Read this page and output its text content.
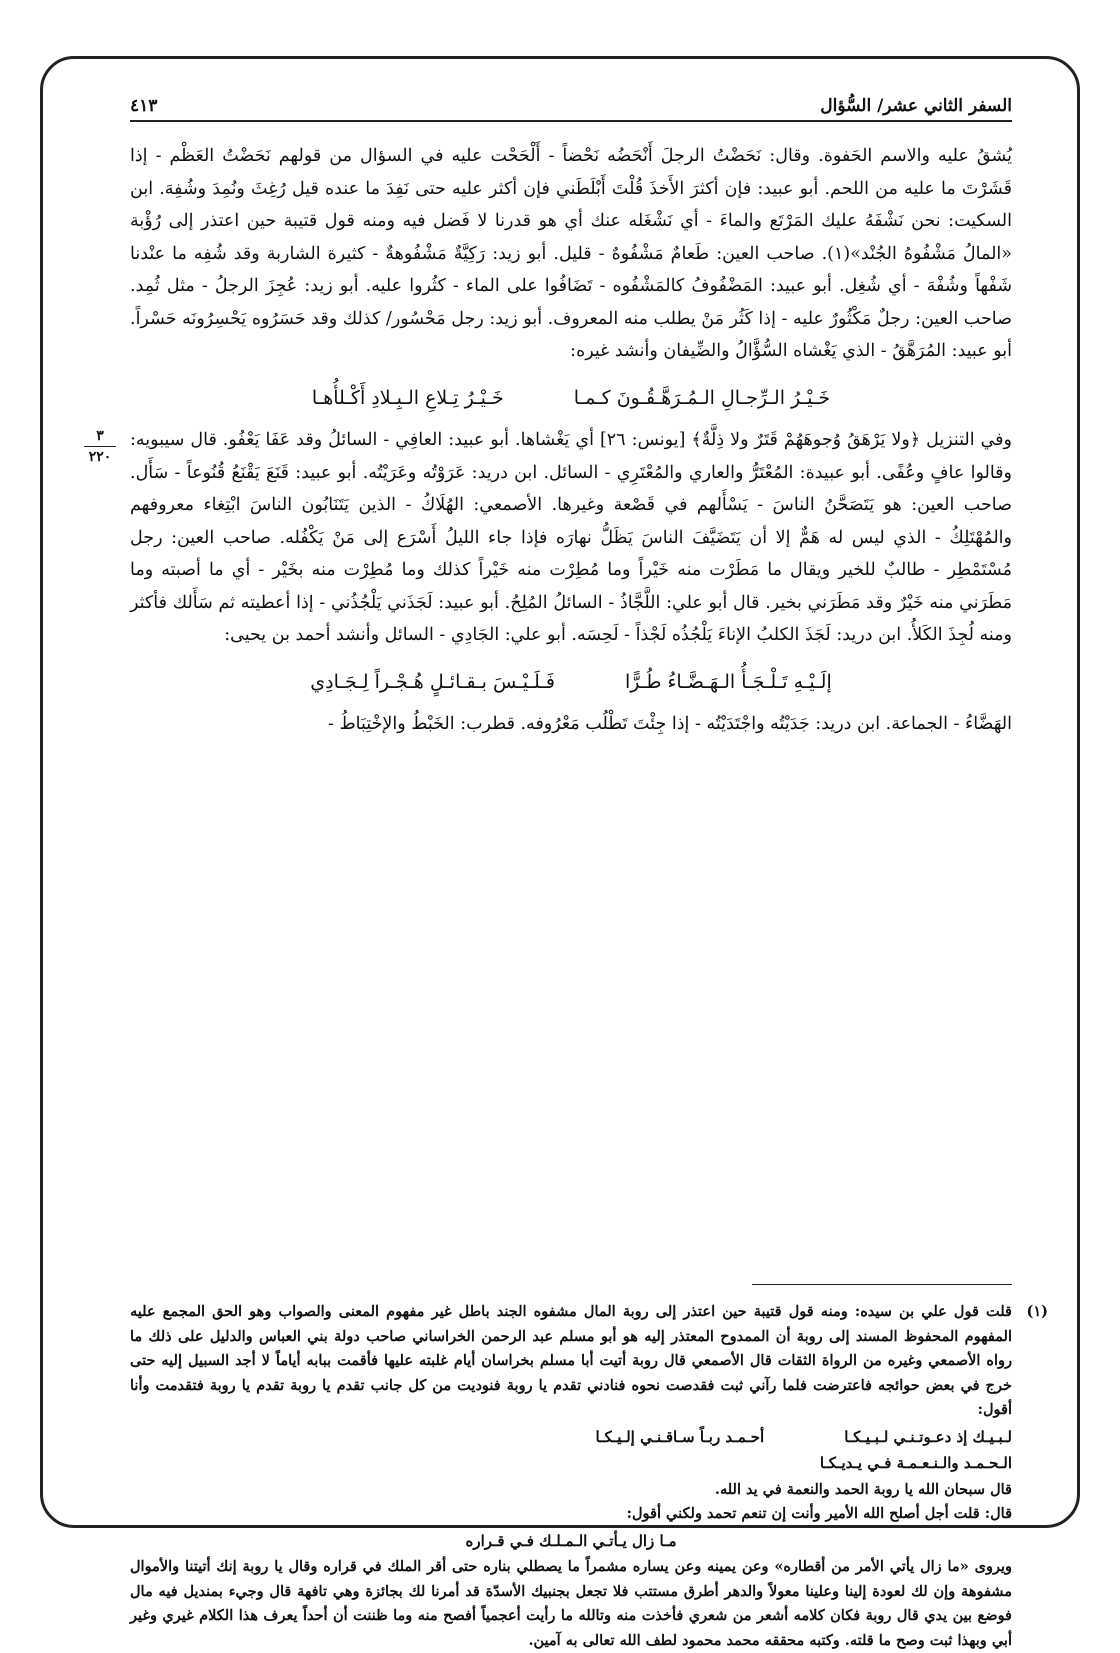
٤١٣	السفر الثاني عشر/ السُّؤال
٣
٢٢٠

يُشقُ عليه والاسم الحَفوة. وقال: نَحَضْتُ الرجلَ أَنْحَضُه نَحْضاً - أَلْحَحْت عليه في السؤال من قولهم نَحَضْتُ العَظْم - إذا قَشَرْتَ ما عليه من اللحم. أبو عبيد: فإن أكثرَ الأَخذَ قُلْتَ أَبْلَطَني فإن أكثر عليه حتى نَفِدَ ما عنده قيل رُغِثَ ونُمِدَ وشُفِهَ. ابن السكيت: نحن نَشْفَهُ عليك المَرْتَع والماءَ - أي نَشْغَله عنك أي هو قدرنا لا فَضل فيه ومنه قول قتيبة حين اعتذر إلى رُؤْبة «المالُ مَشْفُوهُ الجُنْد»(١). صاحب العين: طَعامٌ مَشْفُوهٌ - قليل. أبو زيد: رَكِيَّةٌ مَشْفُوهةٌ - كثيرة الشاربة وقد شُفِه ما عنْدنا شَفْهاً وشُفْهَ - أي شُغِل. أبو عبيد: المَضْفُوفُ كالمَشْفُوه - تَضَافُوا على الماء - كثُروا عليه. أبو زيد: عُجِزَ الرجلُ - مثل ثُمِد. صاحب العين: رجلٌ مَكْثُورٌ عليه - إذا كَثُر مَنْ يطلب منه المعروف. أبو زيد: رجل مَحْسُور/ كذلك وقد حَسَرُوه يَحْسِرُونَه حَسْراً. أبو عبيد: المُرَهَّقُ - الذي يَغْشاه السُّؤَّالُ والضِّيفان وأنشد غيره:

خَـيْـرُ الـرِّجـالِ الـمُـرَهَّـقُـونَ كـمـا
خَـيْـرُ تِـلاعِ الـبِـلادِ أَكْـلأُهـا

وفي التنزيل ﴿ولا يَرْهَقُ وُجوهَهُمْ قَتَرٌ ولا ذِلَّةٌ﴾ [يونس: ٢٦] أي يَغْشاها. أبو عبيد: العافِي - السائلُ وقد عَفَا يَعْفُو. قال سيبويه: وقالوا عافٍ وعُفًى. أبو عبيدة: المُعْتَرُّ والعاري والمُعْتَرِي - السائل. ابن دريد: عَرَوْتُه وعَرَيْتُه. أبو عبيد: قَنَعَ يَقْنَعُ قُنُوعاً - سَأَل. صاحب العين: هو يَتَصَحَّنُ الناسَ - يَسْأَلهم في قَصْعة وغيرها. الأصمعي: الهُلَاكُ - الذين يَتَنَابُون الناسَ ابْتِغاء معروفهم والمُهْتَلِكُ - الذي ليس له هَمٌّ إلا أن يَتَضَيَّفَ الناسَ يَظَلُّ نهارَه فإذا جاء الليلُ أَسْرَع إلى مَنْ يَكْفُله. صاحب العين: رجل مُسْتَمْطِر - طالبٌ للخير ويقال ما مَطَرْت منه خَيْراً وما مُطِرْت منه خَيْراً كذلك وما مُطِرْت منه بخَيْر - أي ما أصبته وما مَطَرَني منه خَيْرٌ وقد مَطَرَني بخير. قال أبو علي: اللَّجَّاذُ - السائلُ المُلِحُ. أبو عبيد: لَجَذَني يَلْجُذُني - إذا أعطيته ثم سَأَلك فأكثر ومنه لُجِذَ الكَلأُ. ابن دريد: لَجَذَ الكلبُ الإناءَ يَلْجُذُه لَجْذاً - لَحِسَه. أبو علي: الجَادِي - السائل وأنشد أحمد بن يحيى:

إلَـيْـهِ تَـلْـجَـأُ الـهَـضَّـاءُ طُـرًّا
فَـلَـيْـسَ بـقـائـلٍ هُـجْـراً لِـجَـادِي

الهَضَّاءُ - الجماعة. ابن دريد: جَدَيْتُه واجْتَدَيْتُه - إذا جِئْتَ تَطْلُب مَعْرُوفه. قطرب: الخَبْطُ والإخْتِبَاطُ -

(١)

قلت قول علي بن سيده: ومنه قول قتيبة حين اعتذر إلى روبة المال مشفوه الجند باطل غير مفهوم المعنى والصواب وهو الحق المجمع عليه المفهوم المحفوظ المسند إلى روبة أن الممدوح المعتذر إليه هو أبو مسلم عبد الرحمن الخراساني صاحب دولة بني العباس والدليل على ذلك ما رواه الأصمعي وغيره من الرواة الثقات قال الأصمعي قال روبة أتيت أبا مسلم بخراسان أيام غلبته عليها فأقمت ببابه أياماً لا أجد السبيل إليه حتى خرج في بعض حوائجه فاعترضت فلما رآني ثبت فقدصت نحوه فنادني تقدم يا روبة فنوديت من كل جانب تقدم يا روبة تقدم يا روبة فتقدمت وأنا أقول:

لـبـيـك إذ دعـوتـنـي لـبـيـكـا
أحـمـد ربـاً سـاقـنـي إلـيـكـا
الـحـمـد والـنـعـمـة فـي يـديـكـا

قال سبحان الله يا روبة الحمد والنعمة في يد الله.

قال: قلت أجل أصلح الله الأمير وأنت إن تنعم تحمد ولكني أقول:

مـا زال يـأتـي الـمـلـك فـي قـراره

ويروى «ما زال يأتي الأمر من أقطاره» وعن يمينه وعن يساره مشمراً ما يصطلي بناره حتى أقر الملك في قراره وقال يا روبة إنك أتيتنا والأموال مشفوهة وإن لك لعودة إلينا وعلينا معولاً والدهر أطرق مستتب فلا تجعل بجنبيك الأسدّة قد أمرنا لك بجائزة وهي تافهة قال وجيء بمنديل فيه مال فوضع بين يدي قال روبة فكان كلامه أشعر من شعري فأخذت منه وتالله ما رأيت أعجمياً أفصح منه وما ظننت أن أحداً يعرف هذا الكلام غيري وغير أبي وبهذا ثبت وصح ما قلته. وكتبه محققه محمد محمود لطف الله تعالى به آمين.
